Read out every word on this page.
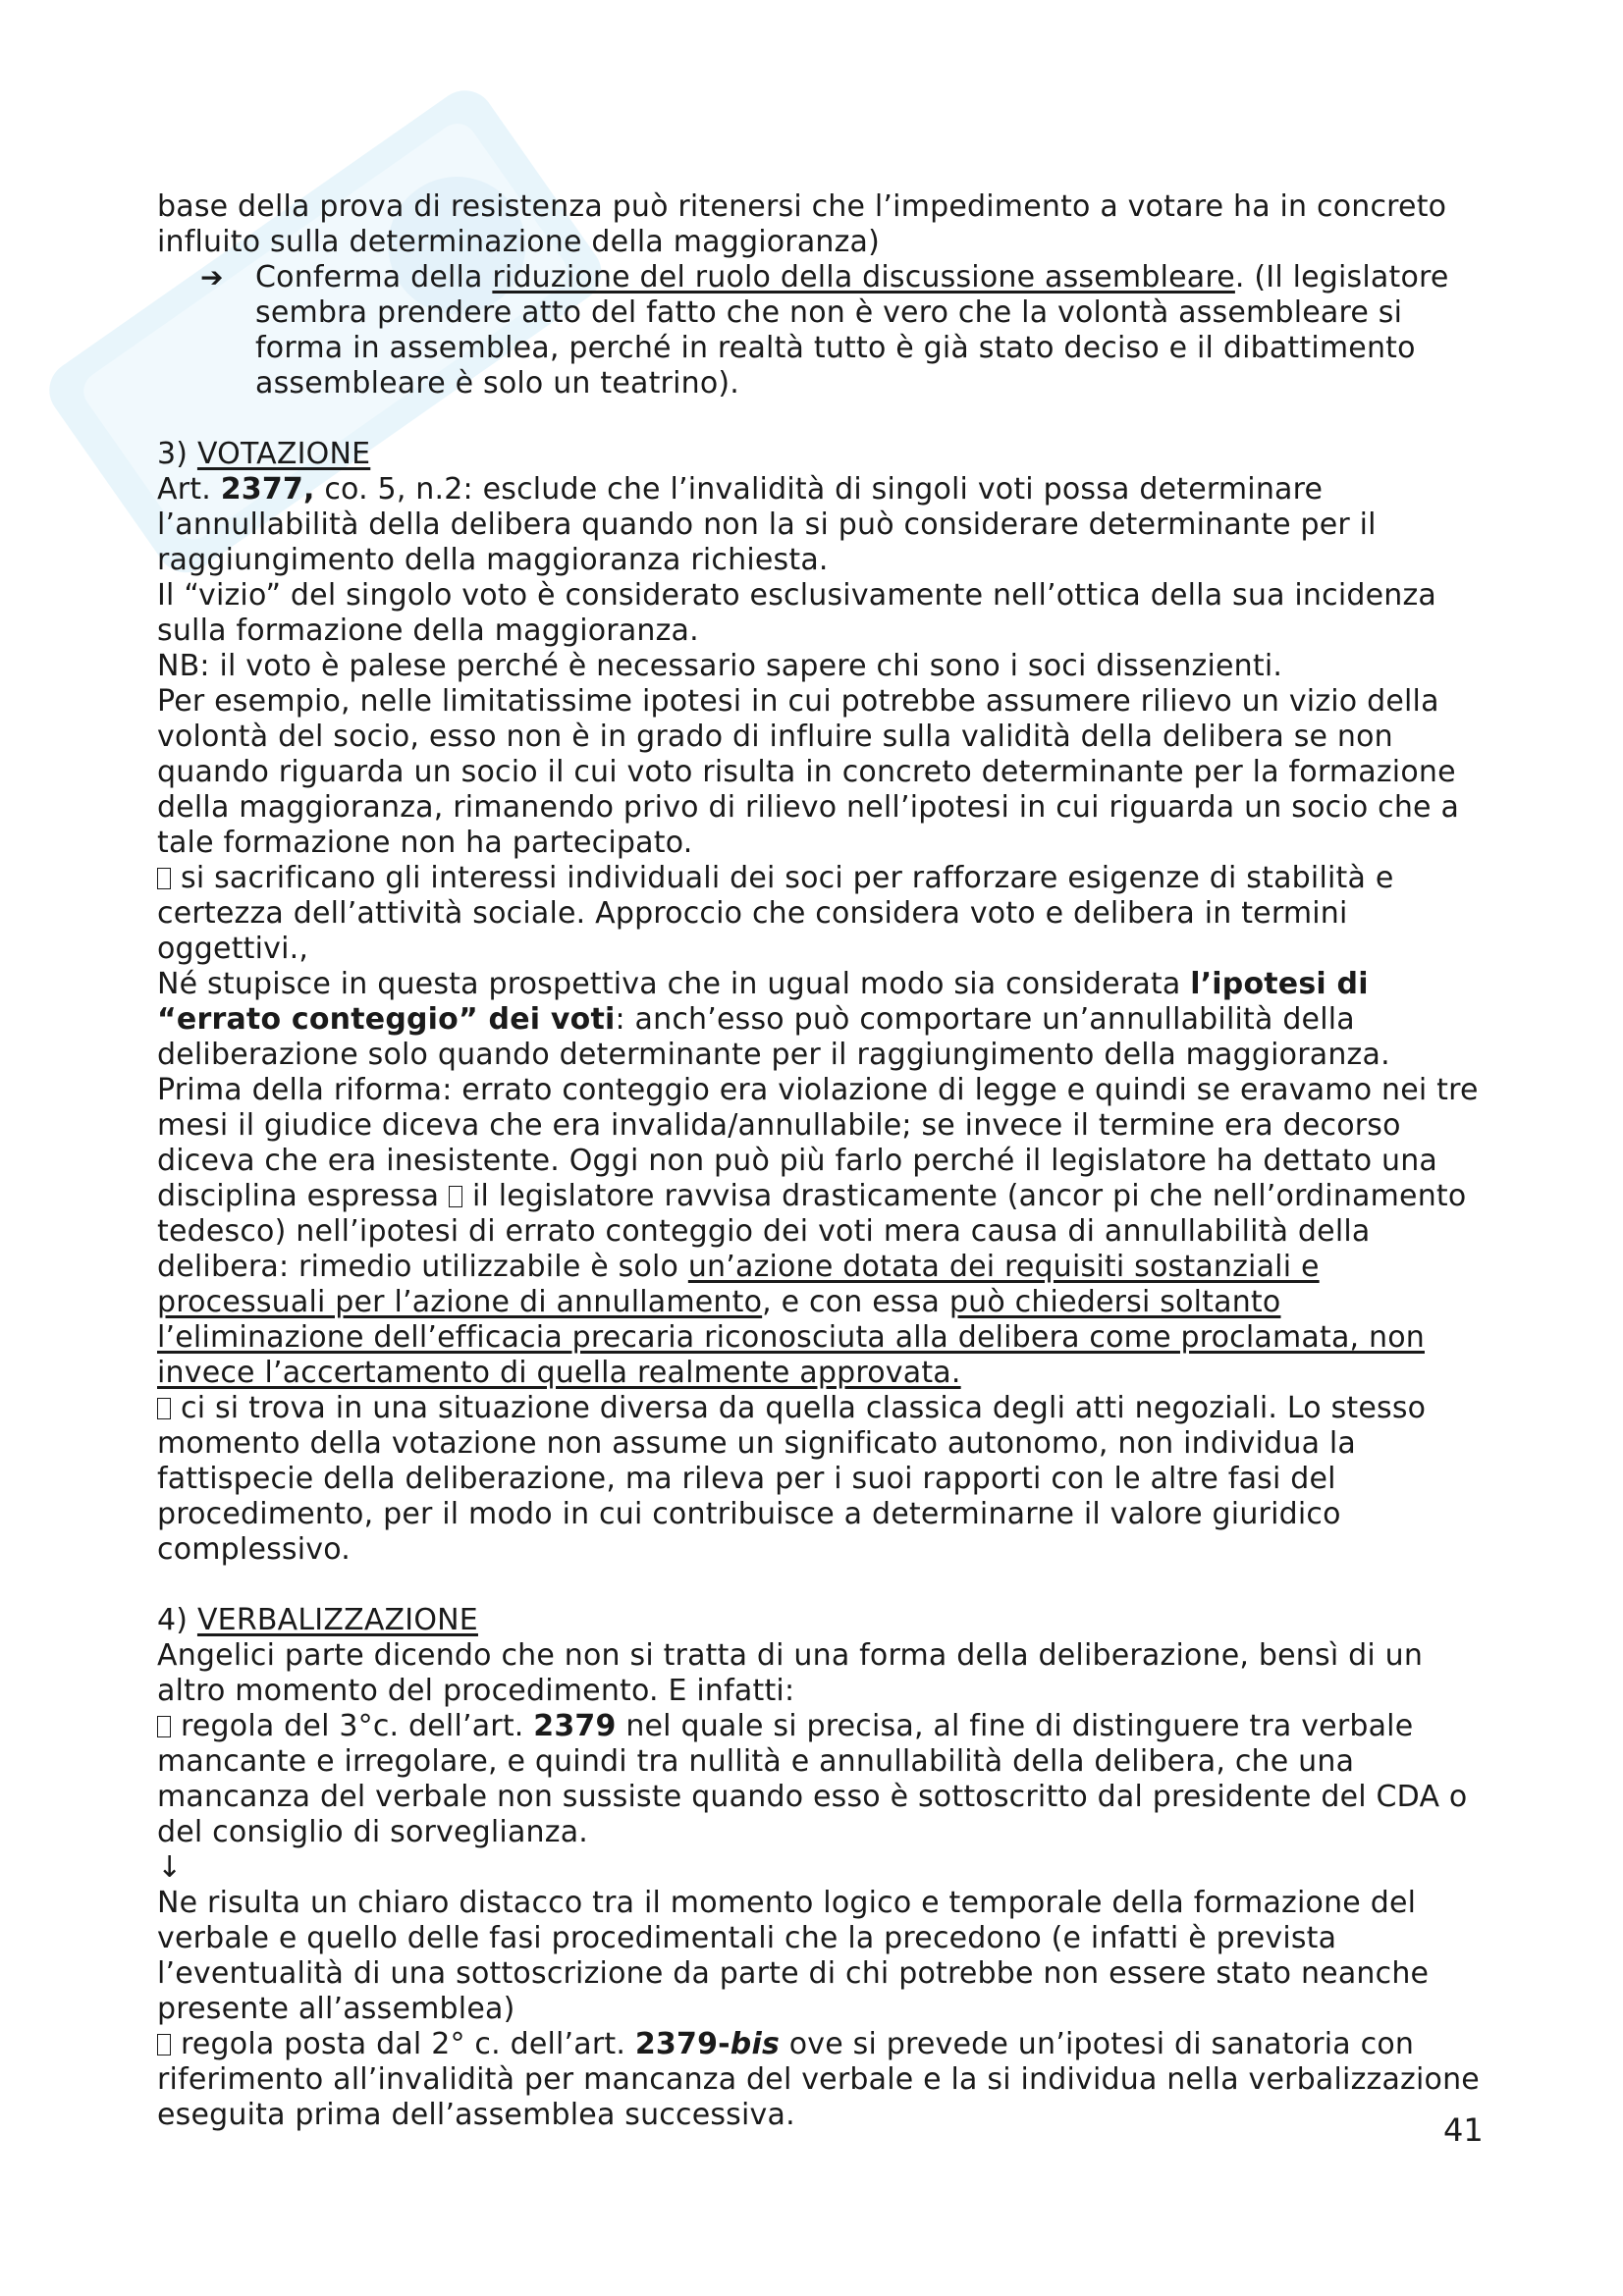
base della prova di resistenza può ritenersi che l’impedimento a votare ha in concreto influito sulla determinazione della maggioranza)

➔	Conferma della riduzione del ruolo della discussione assembleare. (Il legislatore sembra prendere atto del fatto che non è vero che la volontà assembleare si forma in assemblea, perché in realtà tutto è già stato deciso e il dibattimento assembleare è solo un teatrino).

3) VOTAZIONE

Art. 2377, co. 5, n.2: esclude che l’invalidità di singoli voti possa determinare l’annullabilità della delibera quando non la si può considerare determinante per il raggiungimento della maggioranza richiesta.

Il “vizio” del singolo voto è considerato esclusivamente nell’ottica della sua incidenza sulla formazione della maggioranza.

NB: il voto è palese perché è necessario sapere chi sono i soci dissenzienti.

Per esempio, nelle limitatissime ipotesi in cui potrebbe assumere rilievo un vizio della volontà del socio, esso non è in grado di influire sulla validità della delibera se non quando riguarda un socio il cui voto risulta in concreto determinante per la formazione della maggioranza, rimanendo privo di rilievo nell’ipotesi in cui riguarda un socio che a tale formazione non ha partecipato.

si sacrificano gli interessi individuali dei soci per rafforzare esigenze di stabilità e certezza dell’attività sociale. Approccio che considera voto e delibera in termini oggettivi.,

Né stupisce in questa prospettiva che in ugual modo sia considerata l’ipotesi di “errato conteggio” dei voti: anch’esso può comportare un’annullabilità della deliberazione solo quando determinante per il raggiungimento della maggioranza.

Prima della riforma: errato conteggio era violazione di legge e quindi se eravamo nei tre mesi il giudice diceva che era invalida/annullabile; se invece il termine era decorso diceva che era inesistente. Oggi non può più farlo perché il legislatore ha dettato una disciplina espressa il legislatore ravvisa drasticamente (ancor pi che nell’ordinamento tedesco) nell’ipotesi di errato conteggio dei voti mera causa di annullabilità della delibera: rimedio utilizzabile è solo un’azione dotata dei requisiti sostanziali e processuali per l’azione di annullamento, e con essa può chiedersi soltanto l’eliminazione dell’efficacia precaria riconosciuta alla delibera come proclamata, non invece l’accertamento di quella realmente approvata.

ci si trova in una situazione diversa da quella classica degli atti negoziali. Lo stesso momento della votazione non assume un significato autonomo, non individua la fattispecie della deliberazione, ma rileva per i suoi rapporti con le altre fasi del procedimento, per il modo in cui contribuisce a determinarne il valore giuridico complessivo.

4) VERBALIZZAZIONE

Angelici parte dicendo che non si tratta di una forma della deliberazione, bensì di un altro momento del procedimento. E infatti:

regola del 3°c. dell’art. 2379 nel quale si precisa, al fine di distinguere tra verbale mancante e irregolare, e quindi tra nullità e annullabilità della delibera, che una mancanza del verbale non sussiste quando esso è sottoscritto dal presidente del CDA o del consiglio di sorveglianza.

↓

Ne risulta un chiaro distacco tra il momento logico e temporale della formazione del verbale e quello delle fasi procedimentali che la precedono (e infatti è prevista l’eventualità di una sottoscrizione da parte di chi potrebbe non essere stato neanche presente all’assemblea)

regola posta dal 2° c. dell’art. 2379-bis ove si prevede un’ipotesi di sanatoria con riferimento all’invalidità per mancanza del verbale e la si individua nella verbalizzazione eseguita prima dell’assemblea successiva.	41
